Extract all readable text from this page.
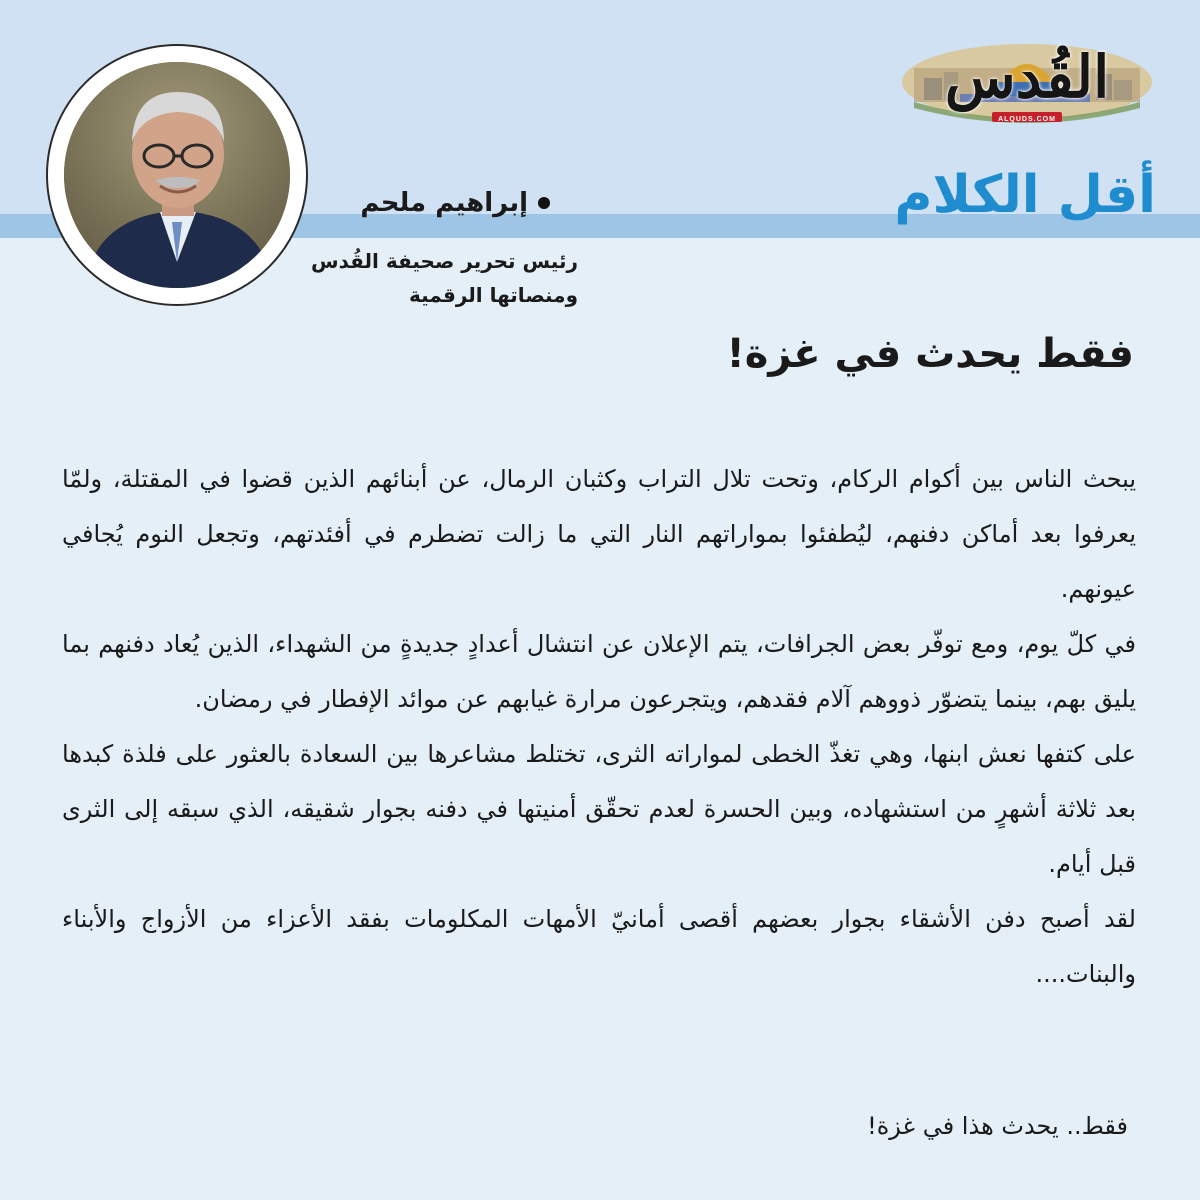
القُدس
ALQUDS.COM
أقل الكلام
إبراهيم ملحم
رئيس تحرير صحيفة القُدس
ومنصاتها الرقمية
فقط يحدث في غزة!

يبحث الناس بين أكوام الركام، وتحت تلال التراب وكثبان الرمال، عن أبنائهم الذين قضوا في المقتلة، ولمّا يعرفوا بعد أماكن دفنهم، ليُطفئوا بمواراتهم النار التي ما زالت تضطرم في أفئدتهم، وتجعل النوم يُجافي عيونهم.

في كلّ يوم، ومع توفّر بعض الجرافات، يتم الإعلان عن انتشال أعدادٍ جديدةٍ من الشهداء، الذين يُعاد دفنهم بما يليق بهم، بينما يتضوّر ذووهم آلام فقدهم، ويتجرعون مرارة غيابهم عن موائد الإفطار في رمضان.

على كتفها نعش ابنها، وهي تغذّ الخطى لمواراته الثرى، تختلط مشاعرها بين السعادة بالعثور على فلذة كبدها بعد ثلاثة أشهرٍ من استشهاده، وبين الحسرة لعدم تحقّق أمنيتها في دفنه بجوار شقيقه، الذي سبقه إلى الثرى قبل أيام.

لقد أصبح دفن الأشقاء بجوار بعضهم أقصى أمانيّ الأمهات المكلومات بفقد الأعزاء من الأزواج والأبناء والبنات....

فقط.. يحدث هذا في غزة!
